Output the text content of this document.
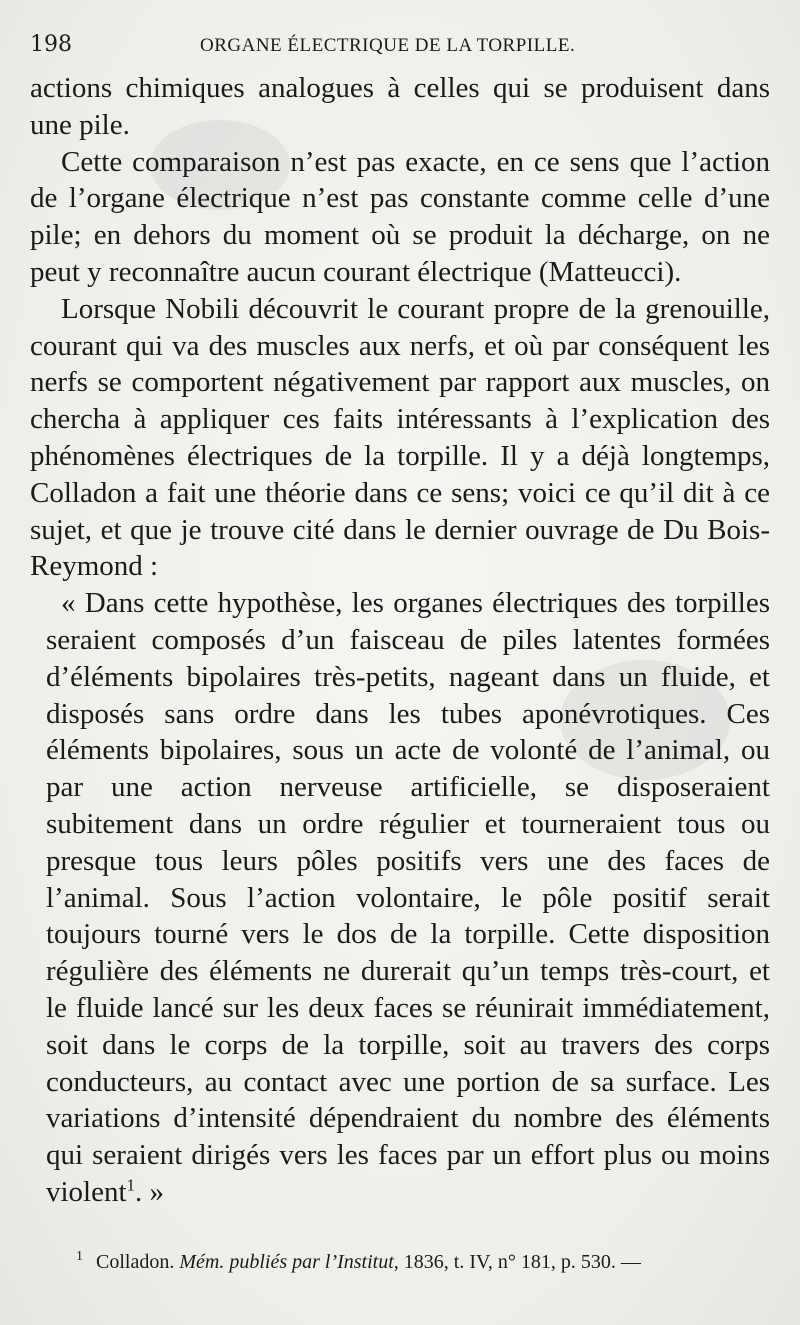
198	ORGANE ÉLECTRIQUE DE LA TORPILLE.

actions chimiques analogues à celles qui se produisent dans une pile.

Cette comparaison n’est pas exacte, en ce sens que l’action de l’organe électrique n’est pas constante comme celle d’une pile; en dehors du moment où se produit la décharge, on ne peut y reconnaître aucun courant électrique (Matteucci).

Lorsque Nobili découvrit le courant propre de la grenouille, courant qui va des muscles aux nerfs, et où par conséquent les nerfs se comportent négativement par rapport aux muscles, on chercha à appliquer ces faits intéressants à l’explication des phénomènes électriques de la torpille. Il y a déjà longtemps, Colladon a fait une théorie dans ce sens; voici ce qu’il dit à ce sujet, et que je trouve cité dans le dernier ouvrage de Du Bois-Reymond :

« Dans cette hypothèse, les organes électriques des torpilles seraient composés d’un faisceau de piles latentes formées d’éléments bipolaires très-petits, nageant dans un fluide, et disposés sans ordre dans les tubes aponévrotiques. Ces éléments bipolaires, sous un acte de volonté de l’animal, ou par une action nerveuse artificielle, se disposeraient subitement dans un ordre régulier et tourneraient tous ou presque tous leurs pôles positifs vers une des faces de l’animal. Sous l’action volontaire, le pôle positif serait toujours tourné vers le dos de la torpille. Cette disposition régulière des éléments ne durerait qu’un temps très-court, et le fluide lancé sur les deux faces se réunirait immédiatement, soit dans le corps de la torpille, soit au travers des corps conducteurs, au contact avec une portion de sa surface. Les variations d’intensité dépendraient du nombre des éléments qui seraient dirigés vers les faces par un effort plus ou moins violent$^1$. »

$^1$ Colladon. Mém. publiés par l’Institut, 1836, t. IV, n° 181, p. 530. —
